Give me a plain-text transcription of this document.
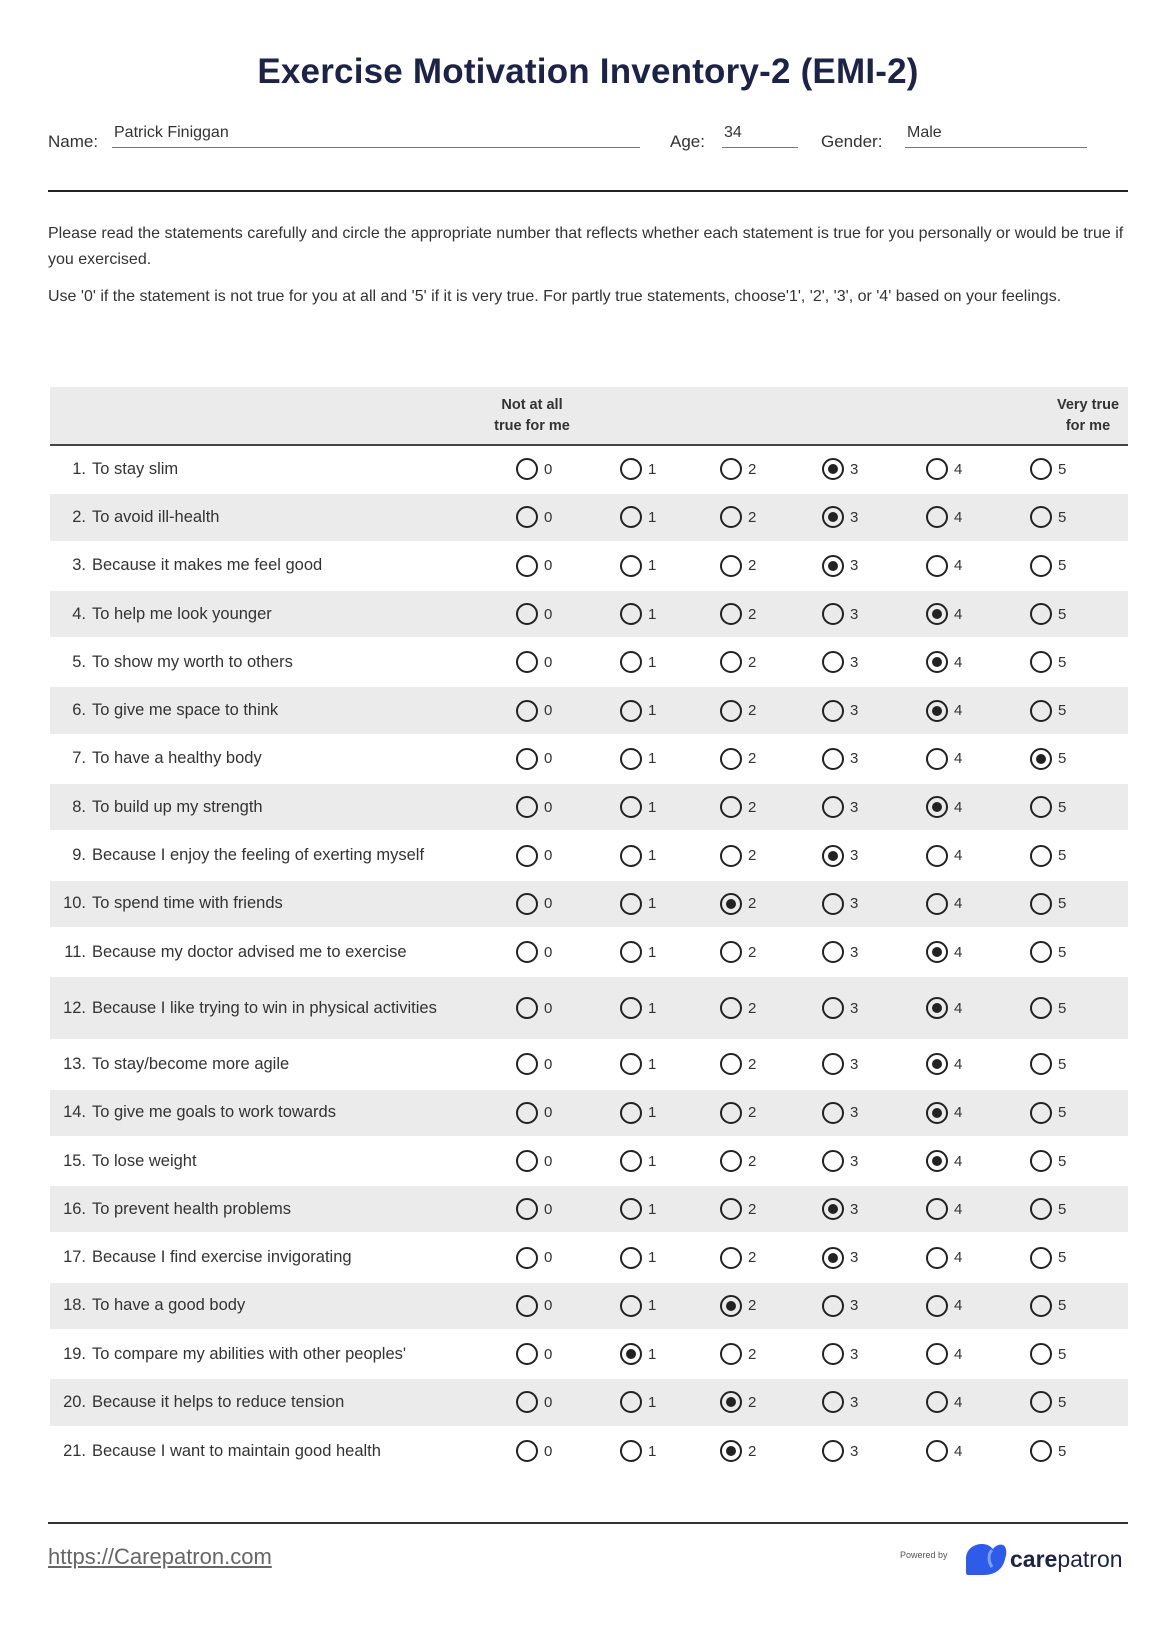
Exercise Motivation Inventory-2 (EMI-2)
Name: Patrick Finiggan	Age: 34	Gender: Male

Please read the statements carefully and circle the appropriate number that reflects whether each statement is true for you personally or would be true if you exercised.

Use '0' if the statement is not true for you at all and '5' if it is very true. For partly true statements, choose'1', '2', '3', or '4' based on your feelings.

	Not at all true for me					Very true for me

1. To stay slim	0	1	2	3	4	5

2. To avoid ill-health	0	1	2	3	4	5

3. Because it makes me feel good	0	1	2	3	4	5

4. To help me look younger	0	1	2	3	4	5

5. To show my worth to others	0	1	2	3	4	5

6. To give me space to think	0	1	2	3	4	5

7. To have a healthy body	0	1	2	3	4	5

8. To build up my strength	0	1	2	3	4	5

9. Because I enjoy the feeling of exerting myself	0	1	2	3	4	5

10. To spend time with friends	0	1	2	3	4	5

11. Because my doctor advised me to exercise	0	1	2	3	4	5

12. Because I like trying to win in physical activities	0	1	2	3	4	5

13. To stay/become more agile	0	1	2	3	4	5

14. To give me goals to work towards	0	1	2	3	4	5

15. To lose weight	0	1	2	3	4	5

16. To prevent health problems	0	1	2	3	4	5

17. Because I find exercise invigorating	0	1	2	3	4	5

18. To have a good body	0	1	2	3	4	5

19. To compare my abilities with other peoples'	0	1	2	3	4	5

20. Because it helps to reduce tension	0	1	2	3	4	5

21. Because I want to maintain good health	0	1	2	3	4	5
https://Carepatron.com	Powered by	carepatron
